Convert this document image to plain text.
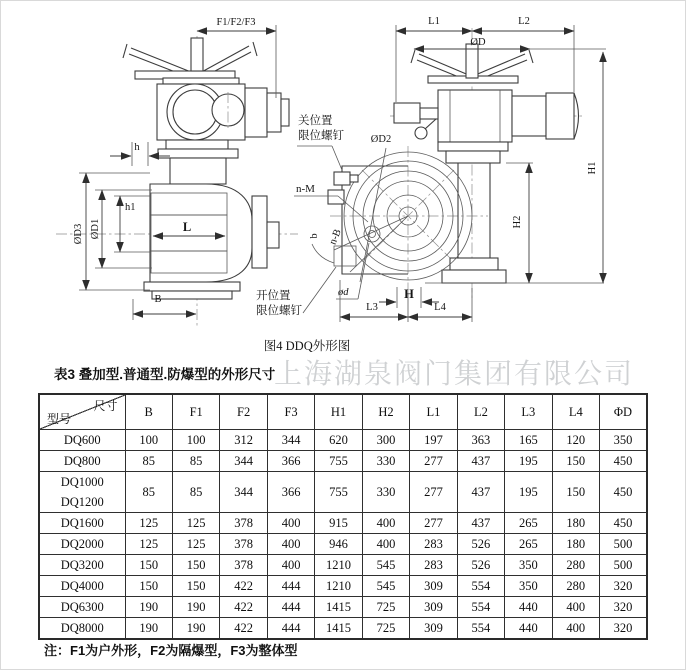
F1/F2/F3
h
ØD3 ØD1
h1
L
B
关位置
限位螺钉
n-M
ØD2
开位置
限位螺钉
ød
b n-B
H
L3	L4
L1	L2
ØD
H1
H2
图4 DDQ外形图
上海湖泉阀门集团有限公司
表3 叠加型.普通型.防爆型的外形尺寸
尺寸
型号	B	F1	F2	F3	H1	H2	L1	L2	L3	L4	ΦD

DQ600	100	100	312	344	620	300	197	363	165	120	350

DQ800	85	85	344	366	755	330	277	437	195	150	450

DQ1000
DQ1200	85	85	344	366	755	330	277	437	195	150	450

DQ1600	125	125	378	400	915	400	277	437	265	180	450

DQ2000	125	125	378	400	946	400	283	526	265	180	500

DQ3200	150	150	378	400	1210	545	283	526	350	280	500

DQ4000	150	150	422	444	1210	545	309	554	350	280	320

DQ6300	190	190	422	444	1415	725	309	554	440	400	320

DQ8000	190	190	422	444	1415	725	309	554	440	400	320
注：F1为户外形，F2为隔爆型，F3为整体型
